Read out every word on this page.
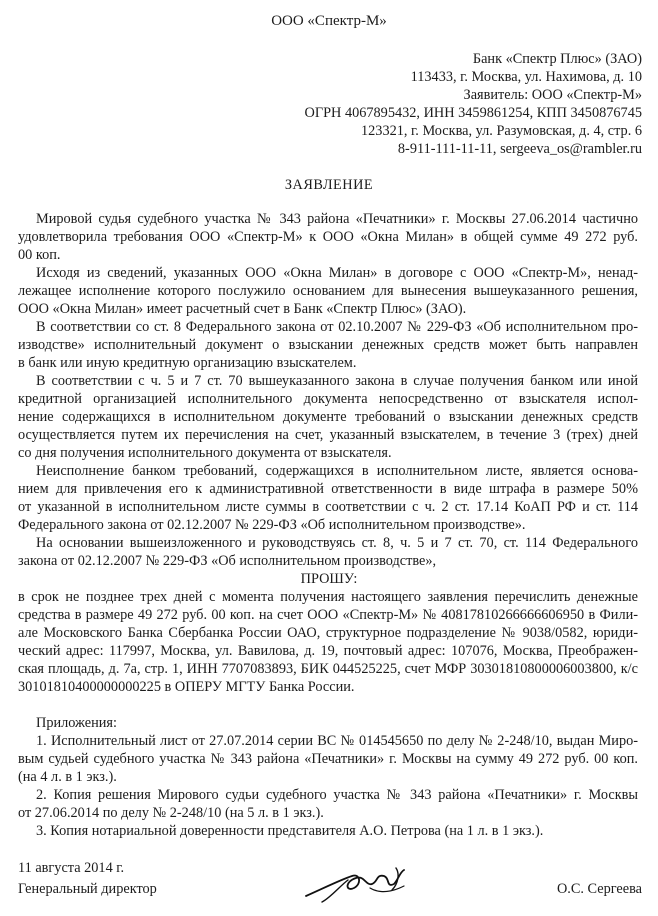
ООО «Спектр-М»
Банк «Спектр Плюс» (ЗАО)
113433, г. Москва, ул. Нахимова, д. 10
Заявитель: ООО «Спектр-М»
ОГРН 4067895432, ИНН 3459861254, КПП 3450876745
123321, г. Москва, ул. Разумовская, д. 4, стр. 6
8-911-111-11-11, sergeeva_os@rambler.ru
ЗАЯВЛЕНИЕ
Мировой судья судебного участка № 343 района «Печатники» г. Москвы 27.06.2014 частично
удовлетворила требования ООО «Спектр-М» к ООО «Окна Милан» в общей сумме 49 272 руб.
00 коп.
Исходя из сведений, указанных ООО «Окна Милан» в договоре с ООО «Спектр-М», ненад-
лежащее исполнение которого послужило основанием для вынесения вышеуказанного решения,
ООО «Окна Милан» имеет расчетный счет в Банк «Спектр Плюс» (ЗАО).
В соответствии со ст. 8 Федерального закона от 02.10.2007 № 229-ФЗ «Об исполнительном про-
изводстве» исполнительный документ о взыскании денежных средств может быть направлен
в банк или иную кредитную организацию взыскателем.
В соответствии с ч. 5 и 7 ст. 70 вышеуказанного закона в случае получения банком или иной
кредитной организацией исполнительного документа непосредственно от взыскателя испол-
нение содержащихся в исполнительном документе требований о взыскании денежных средств
осуществляется путем их перечисления на счет, указанный взыскателем, в течение 3 (трех) дней
со дня получения исполнительного документа от взыскателя.
Неисполнение банком требований, содержащихся в исполнительном листе, является основа-
нием для привлечения его к административной ответственности в виде штрафа в размере 50%
от указанной в исполнительном листе суммы в соответствии с ч. 2 ст. 17.14 КоАП РФ и ст. 114
Федерального закона от 02.12.2007 № 229-ФЗ «Об исполнительном производстве».
На основании вышеизложенного и руководствуясь ст. 8, ч. 5 и 7 ст. 70, ст. 114 Федерального
закона от 02.12.2007 № 229-ФЗ «Об исполнительном производстве»,
ПРОШУ:
в срок не позднее трех дней с момента получения настоящего заявления перечислить денежные
средства в размере 49 272 руб. 00 коп. на счет ООО «Спектр-М» № 40817810266666606950 в Фили-
але Московского Банка Сбербанка России ОАО, структурное подразделение № 9038/0582, юриди-
ческий адрес: 117997, Москва, ул. Вавилова, д. 19, почтовый адрес: 107076, Москва, Преображен-
ская площадь, д. 7а, стр. 1, ИНН 7707083893, БИК 044525225, счет МФР 30301810800006003800, к/с
30101810400000000225 в ОПЕРУ МГТУ Банка России.
Приложения:
1. Исполнительный лист от 27.07.2014 серии ВС № 014545650 по делу № 2-248/10, выдан Миро-
вым судьей судебного участка № 343 района «Печатники» г. Москвы на сумму 49 272 руб. 00 коп.
(на 4 л. в 1 экз.).
2. Копия решения Мирового судьи судебного участка № 343 района «Печатники» г. Москвы
от 27.06.2014 по делу № 2-248/10 (на 5 л. в 1 экз.).
3. Копия нотариальной доверенности представителя А.О. Петрова (на 1 л. в 1 экз.).
11 августа 2014 г.
Генеральный директор	О.С. Сергеева
